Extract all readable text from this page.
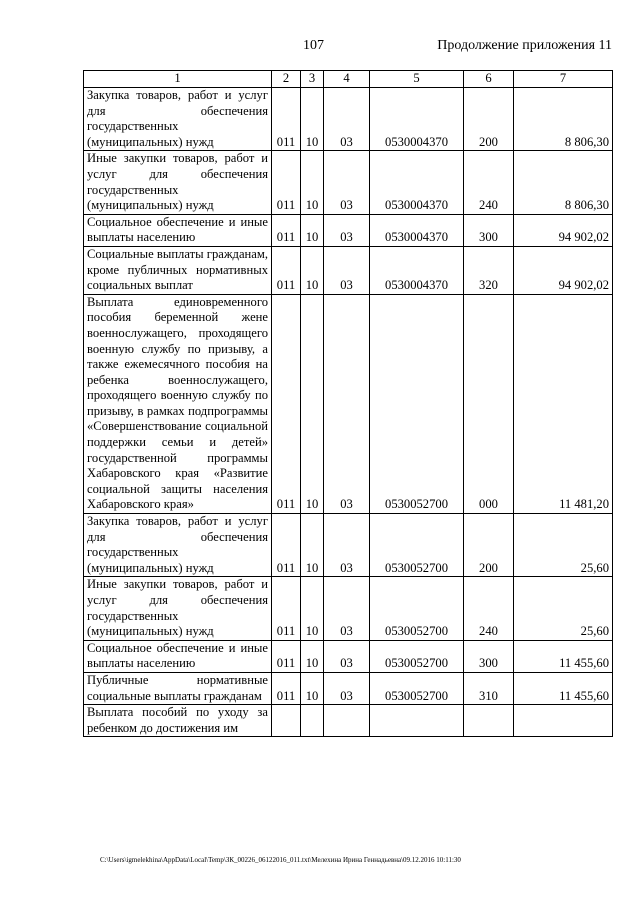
107	Продолжение приложения 11
1	2	3	4	5	6	7
Закупка товаров, работ и услуг для обеспечения государственных (муниципальных) нужд	011	10	03	0530004370	200	8 806,30
Иные закупки товаров, работ и услуг для обеспечения государственных (муниципальных) нужд	011	10	03	0530004370	240	8 806,30
Социальное обеспечение и иные выплаты населению	011	10	03	0530004370	300	94 902,02
Социальные выплаты гражданам, кроме публичных нормативных социальных выплат	011	10	03	0530004370	320	94 902,02
Выплата единовременного пособия беременной жене военнослужащего, проходящего военную службу по призыву, а также ежемесячного пособия на ребенка военнослужащего, проходящего военную службу по призыву, в рамках подпрограммы «Совершенствование социальной поддержки семьи и детей» государственной программы Хабаровского края «Развитие социальной защиты населения Хабаровского края»	011	10	03	0530052700	000	11 481,20
Закупка товаров, работ и услуг для обеспечения государственных (муниципальных) нужд	011	10	03	0530052700	200	25,60
Иные закупки товаров, работ и услуг для обеспечения государственных (муниципальных) нужд	011	10	03	0530052700	240	25,60
Социальное обеспечение и иные выплаты населению	011	10	03	0530052700	300	11 455,60
Публичные нормативные социальные выплаты гражданам	011	10	03	0530052700	310	11 455,60
Выплата пособий по уходу за ребенком до достижения им						
C:\Users\igmelekhina\AppData\Local\Temp\ЗК_00226_06122016_011.txt\Мелехина Ирина Геннадьевна\09.12.2016 10:11:30
